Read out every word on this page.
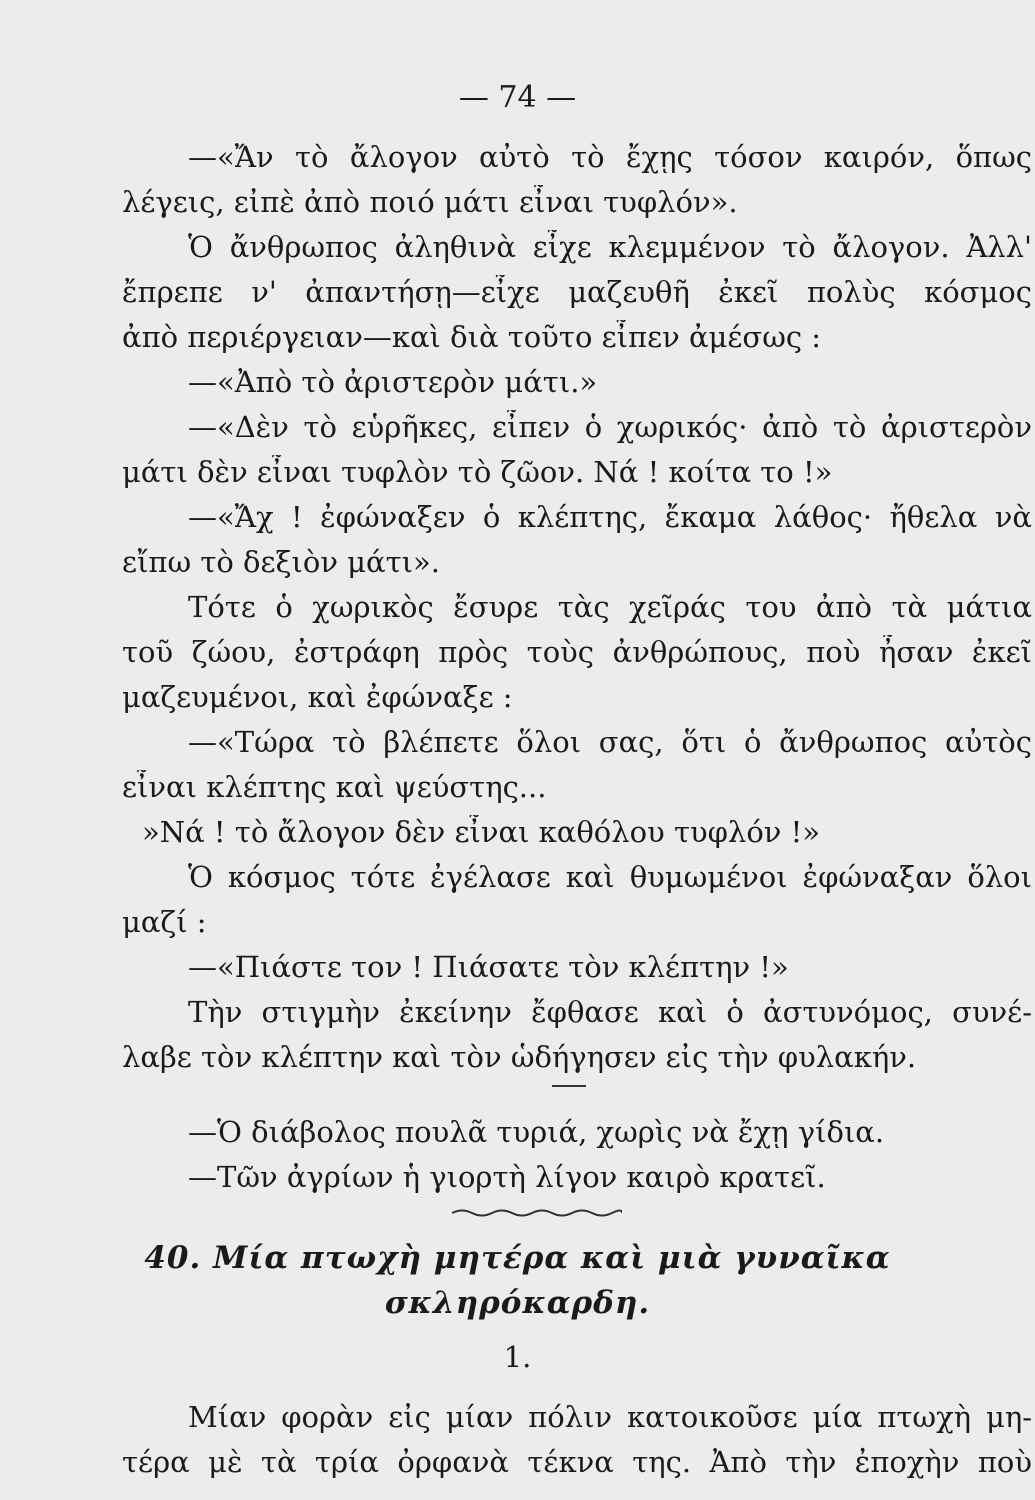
— 74 —
—«Ἄν τὸ ἄλογον αὐτὸ τὸ ἔχῃς τόσον καιρόν, ὅπως
λέγεις, εἰπὲ ἀπὸ ποιό μάτι εἶναι τυφλόν».
Ὁ ἄνθρωπος ἀληθινὰ εἶχε κλεμμένον τὸ ἄλογον. Ἀλλ'
ἔπρεπε ν' ἀπαντήσῃ—εἶχε μαζευθῆ ἐκεῖ πολὺς κόσμος
ἀπὸ περιέργειαν—καὶ διὰ τοῦτο εἶπεν ἀμέσως :
—«Ἀπὸ τὸ ἀριστερὸν μάτι.»
—«Δὲν τὸ εὑρῆκες, εἶπεν ὁ χωρικός· ἀπὸ τὸ ἀριστερὸν
μάτι δὲν εἶναι τυφλὸν τὸ ζῶον. Νά ! κοίτα το !»
—«Ἄχ ! ἐφώναξεν ὁ κλέπτης, ἔκαμα λάθος· ἤθελα νὰ
εἴπω τὸ δεξιὸν μάτι».
Τότε ὁ χωρικὸς ἔσυρε τὰς χεῖράς του ἀπὸ τὰ μάτια
τοῦ ζώου, ἐστράφη πρὸς τοὺς ἀνθρώπους, ποὺ ἦσαν ἐκεῖ
μαζευμένοι, καὶ ἐφώναξε :
—«Τώρα τὸ βλέπετε ὅλοι σας, ὅτι ὁ ἄνθρωπος αὐτὸς
εἶναι κλέπτης καὶ ψεύστης...
»Νά ! τὸ ἄλογον δὲν εἶναι καθόλου τυφλόν !»
Ὁ κόσμος τότε ἐγέλασε καὶ θυμωμένοι ἐφώναξαν ὅλοι
μαζί :
—«Πιάστε τον ! Πιάσατε τὸν κλέπτην !»
Τὴν στιγμὴν ἐκείνην ἔφθασε καὶ ὁ ἀστυνόμος, συνέ-
λαβε τὸν κλέπτην καὶ τὸν ὡδήγησεν εἰς τὴν φυλακήν.
—Ὁ διάβολος πουλᾶ τυριά, χωρὶς νὰ ἔχῃ γίδια.
—Τῶν ἀγρίων ἡ γιορτὴ λίγον καιρὸ κρατεῖ.
40. Μία πτωχὴ μητέρα καὶ μιὰ γυναῖκα
σκληρόκαρδη.
1.
Μίαν φορὰν εἰς μίαν πόλιν κατοικοῦσε μία πτωχὴ μη-
τέρα μὲ τὰ τρία ὀρφανὰ τέκνα της. Ἀπὸ τὴν ἐποχὴν ποὺ
